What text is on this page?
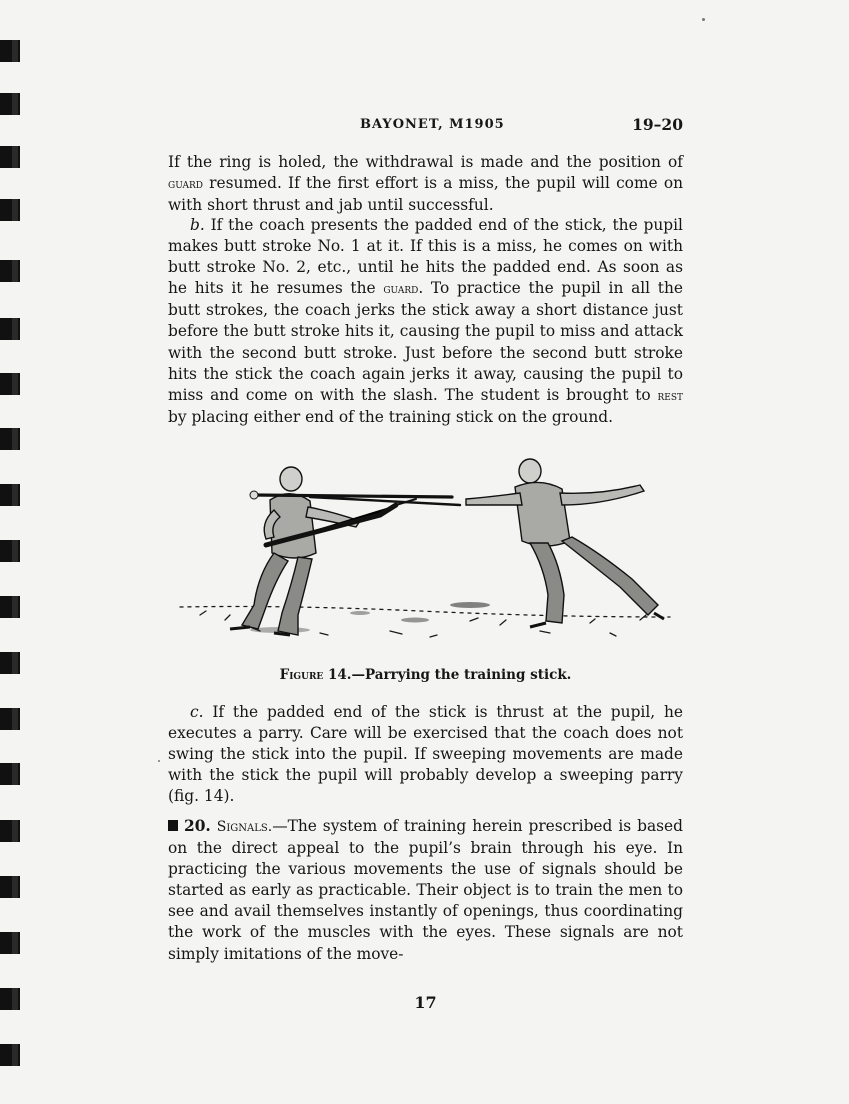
BAYONET, M1905	19–20

If the ring is holed, the withdrawal is made and the position of guard resumed. If the first effort is a miss, the pupil will come on with short thrust and jab until successful.

b. If the coach presents the padded end of the stick, the pupil makes butt stroke No. 1 at it. If this is a miss, he comes on with butt stroke No. 2, etc., until he hits the padded end. As soon as he hits it he resumes the guard. To practice the pupil in all the butt strokes, the coach jerks the stick away a short distance just before the butt stroke hits it, causing the pupil to miss and attack with the second butt stroke. Just before the second butt stroke hits the stick the coach again jerks it away, causing the pupil to miss and come on with the slash. The student is brought to rest by placing either end of the training stick on the ground.

Figure 14.—Parrying the training stick.

c. If the padded end of the stick is thrust at the pupil, he executes a parry. Care will be exercised that the coach does not swing the stick into the pupil. If sweeping movements are made with the stick the pupil will probably develop a sweeping parry (fig. 14).

20. Signals.—The system of training herein prescribed is based on the direct appeal to the pupil’s brain through his eye. In practicing the various movements the use of signals should be started as early as practicable. Their object is to train the men to see and avail themselves instantly of openings, thus coordinating the work of the muscles with the eyes. These signals are not simply imitations of the move-

17
